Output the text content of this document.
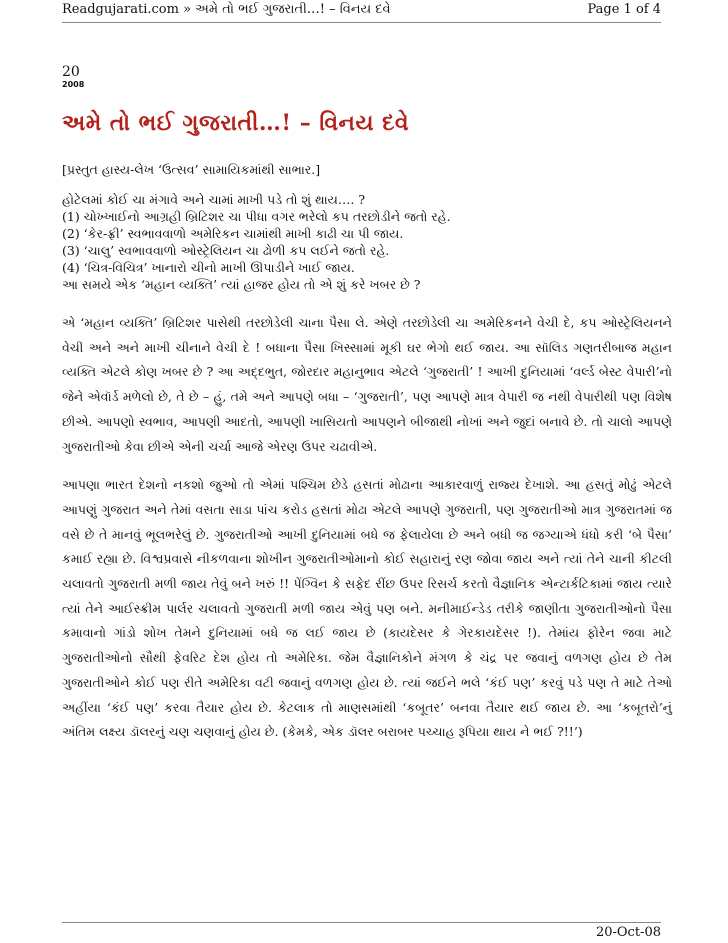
Readgujarati.com » અમે તો ભઈ ગુજરાતી…! – વિનય દવે	Page 1 of 4
20
2008
અમે તો ભઈ ગુજરાતી…! – વિનય દવે

[પ્રસ્તુત હાસ્ય-લેખ ‘ઉત્સવ’ સામાયિકમાંથી સાભાર.]

હોટેલમાં કોઈ ચા મંગાવે અને ચામાં માખી પડે તો શું થાય…. ?
(1) ચોખ્ખાઈનો આગ્રહી બ્રિટિશર ચા પીધા વગર ભરેલો કપ તરછોડીને જતો રહે.
(2) ‘કેર-ફ્રી’ સ્વભાવવાળો અમેરિકન ચામાંથી માખી કાઢી ચા પી જાય.
(3) ‘ચાલુ’ સ્વભાવવાળો ઓસ્ટ્રેલિયન ચા ઢોળી કપ લઈને જતો રહે.
(4) ‘ચિત્ર-વિચિત્ર’ ખાનારો ચીનો માખી ઊપાડીને ખાઈ જાય.
આ સમયે એક ‘મહાન વ્યક્તિ’ ત્યાં હાજર હોય તો એ શું કરે ખબર છે ?

એ ‘મહાન વ્યક્તિ’ બ્રિટિશર પાસેથી તરછોડેલી ચાના પૈસા લે. એણે તરછોડેલી ચા અમેરિકનને વેચી દે, કપ ઓસ્ટ્રેલિયનને વેચી અને અને માખી ચીનાને વેચી દે ! બધાના પૈસા ખિસ્સામાં મૂકી ઘર ભેગો થઈ જાય. આ સૉલિડ ગણતરીબાજ મહાન વ્યક્તિ એટલે કોણ ખબર છે ? આ અદ્દભુત, જોરદાર મહાનુભાવ એટલે ‘ગુજરાતી’ ! આખી દુનિયામાં ‘વર્લ્ડ બેસ્ટ વેપારી’નો જેને એવૉર્ડ મળેલો છે, તે છે – હું, તમે અને આપણે બધા – ‘ગુજરાતી’, પણ આપણે માત્ર વેપારી જ નથી વેપારીથી પણ વિશેષ છીએ. આપણો સ્વભાવ, આપણી આદતો, આપણી ખાસિયતો આપણને બીજાથી નોખાં અને જુદાં બનાવે છે. તો ચાલો આપણે ગુજરાતીઓ કેવા છીએ એની ચર્ચા આજે એરણ ઉપર ચઢાવીએ.

આપણા ભારત દેશનો નકશો જુઓ તો એમાં પશ્ચિમ છેડે હસતાં મોઢાના આકારવાળું રાજ્ય દેખાશે. આ હસતું મોઢું એટલે આપણું ગુજરાત અને તેમાં વસતા સાડા પાંચ કરોડ હસતાં મોઢા એટલે આપણે ગુજરાતી, પણ ગુજરાતીઓ માત્ર ગુજરાતમાં જ વસે છે તે માનવું ભૂલભરેલું છે. ગુજરાતીઓ આખી દુનિયામાં બધે જ ફેલાયેલા છે અને બધી જ જગ્યાએ ધંધો કરી ‘બે પૈસા’ કમાઈ રહ્યા છે. વિશ્વપ્રવાસે નીકળવાના શોખીન ગુજરાતીઓમાનો કોઈ સહારાનું રણ જોવા જાય અને ત્યાં તેને ચાની કીટલી ચલાવતો ગુજરાતી મળી જાય તેવું બને ખરું !! પેંગ્વિન કે સફેદ રીંછ ઉપર રિસર્ચ કરતો વૈજ્ઞાનિક એન્ટાર્કટિકામાં જાય ત્યારે ત્યાં તેને આઈસ્ક્રીમ પાર્લર ચલાવતો ગુજરાતી મળી જાય એવું પણ બને. મનીમાઈન્ડેડ તરીકે જાણીતા ગુજરાતીઓનો પૈસા કમાવાનો ગાંડો શોખ તેમને દુનિયામાં બધે જ લઈ જાય છે (કાયદેસર કે ગેરકાયદેસર !). તેમાંય ફોરેન જવા માટે ગુજરાતીઓનો સૌથી ફેવરિટ દેશ હોય તો અમેરિકા. જેમ વૈજ્ઞાનિકોને મંગળ કે ચંદ્ર પર જવાનું વળગણ હોય છે તેમ ગુજરાતીઓને કોઈ પણ રીતે અમેરિકા વટી જવાનું વળગણ હોય છે. ત્યાં જઈને ભલે ‘કંઈ પણ’ કરવું પડે પણ તે માટે તેઓ અહીંયા ‘કંઈ પણ’ કરવા તૈયાર હોય છે. કેટલાક તો માણસમાંથી ‘કબૂતર’ બનવા તૈયાર થઈ જાય છે. આ ‘કબૂતરો’નું અંતિમ લક્ષ્ય ડૉલરનું ચણ ચણવાનું હોય છે. (કેમકે, એક ડૉલર બરાબર પચ્ચાહ રૂપિયા થાય ને ભઈ ?!!’)

20-Oct-08
